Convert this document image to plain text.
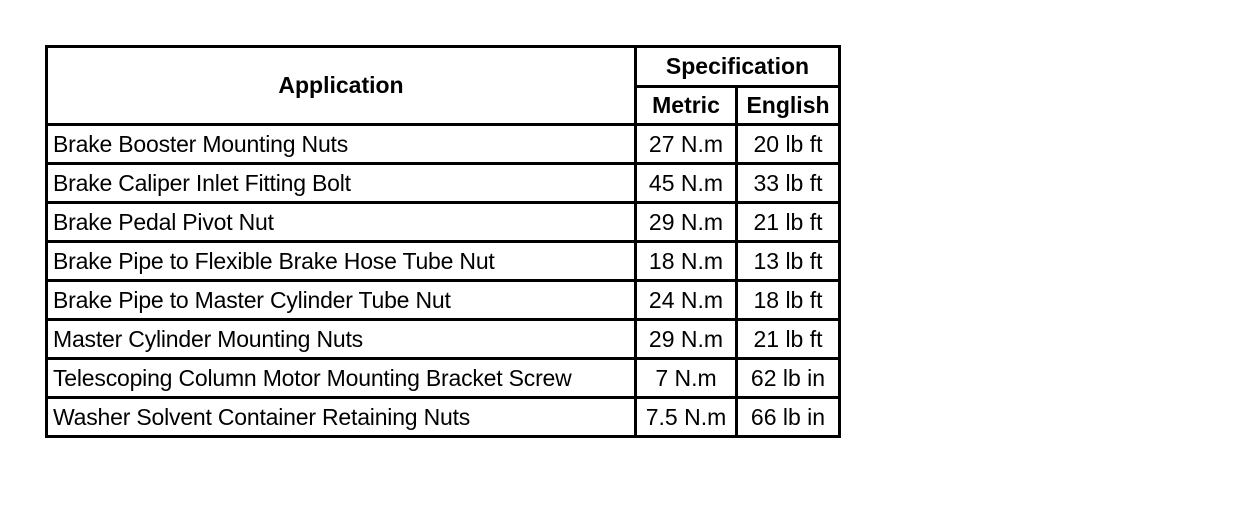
Application	Specification	
	Metric	English
Brake Booster Mounting Nuts	27 N.m	20 lb ft
Brake Caliper Inlet Fitting Bolt	45 N.m	33 lb ft
Brake Pedal Pivot Nut	29 N.m	21 lb ft
Brake Pipe to Flexible Brake Hose Tube Nut	18 N.m	13 lb ft
Brake Pipe to Master Cylinder Tube Nut	24 N.m	18 lb ft
Master Cylinder Mounting Nuts	29 N.m	21 lb ft
Telescoping Column Motor Mounting Bracket Screw	7 N.m	62 lb in
Washer Solvent Container Retaining Nuts	7.5 N.m	66 lb in
